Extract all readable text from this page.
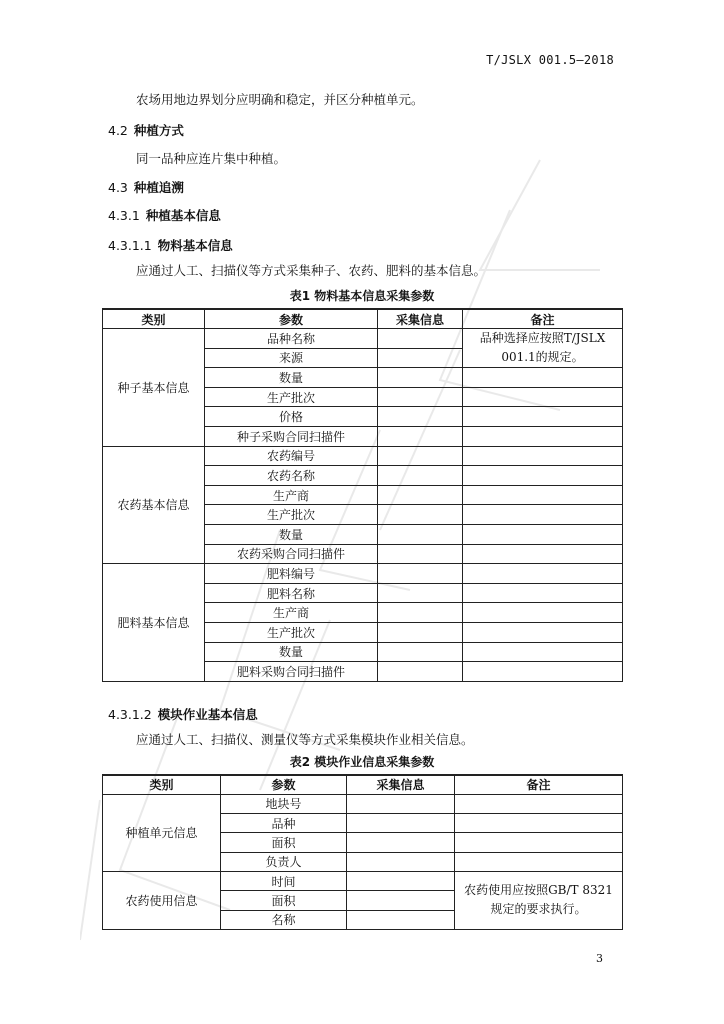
T/JSLX 001.5—2018
农场用地边界划分应明确和稳定，并区分种植单元。
4.2 种植方式
同一品种应连片集中种植。
4.3 种植追溯
4.3.1 种植基本信息
4.3.1.1 物料基本信息
应通过人工、扫描仪等方式采集种子、农药、肥料的基本信息。
表1 物料基本信息采集参数
类别	参数	采集信息	备注
种子基本信息	品种名称		品种选择应按照T/JSLX 001.1的规定。
	来源		
	数量		
	生产批次		
	价格		
	种子采购合同扫描件		
农药基本信息	农药编号		
	农药名称		
	生产商		
	生产批次		
	数量		
	农药采购合同扫描件		
肥料基本信息	肥料编号		
	肥料名称		
	生产商		
	生产批次		
	数量		
	肥料采购合同扫描件		
4.3.1.2 模块作业基本信息
应通过人工、扫描仪、测量仪等方式采集模块作业相关信息。
表2 模块作业信息采集参数
类别	参数	采集信息	备注
种植单元信息	地块号		
	品种		
	面积		
	负责人		
农药使用信息	时间		农药使用应按照GB/T 8321规定的要求执行。
	面积		
	名称		
3
